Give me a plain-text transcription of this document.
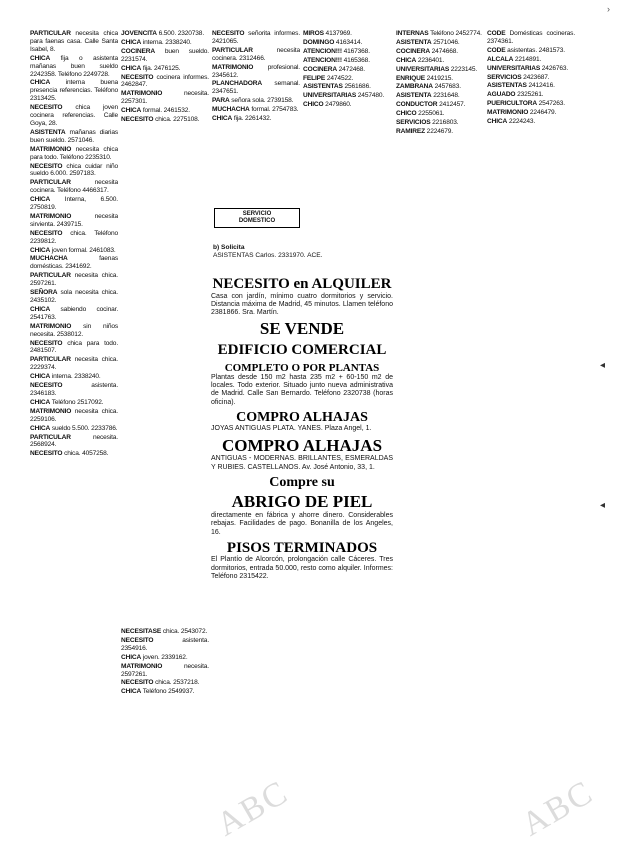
›
◂
◂

PARTICULAR necesita chica para faenas casa. Calle Santa Isabel, 8.

CHICA fija o asistenta mañanas buen sueldo 2242358. Teléfono 2249728.

CHICA interna buena presencia referencias. Teléfono 2313425.

NECESITO chica joven cocinera referencias. Calle Goya, 28.

ASISTENTA mañanas diarias buen sueldo. 2571046.

MATRIMONIO necesita chica para todo. Teléfono 2235310.

NECESITO chica cuidar niño sueldo 6.000. 2597183.

PARTICULAR necesita cocinera. Teléfono 4466317.

CHICA Interna, 6.500. 2750819.

MATRIMONIO necesita sirvienta. 2439715.

NECESITO chica. Teléfono 2239812.

CHICA joven formal. 2461083.

MUCHACHA faenas domésticas. 2341692.

PARTICULAR necesita chica. 2597261.

SEÑORA sola necesita chica. 2435102.

CHICA sabiendo cocinar. 2541763.

MATRIMONIO sin niños necesita. 2538012.

NECESITO chica para todo. 2481507.

PARTICULAR necesita chica. 2229374.

CHICA interna. 2338240.

NECESITO asistenta. 2346183.

CHICA Teléfono 2517092.

MATRIMONIO necesita chica. 2259106.

CHICA sueldo 5.500. 2233786.

PARTICULAR necesita. 2568924.

NECESITO chica. 4057258.

JOVENCITA 6.500. 2320738.

CHICA interna. 2338240.

COCINERA buen sueldo. 2231574.

CHICA fija. 2476125.

NECESITO cocinera informes. 2462847.

MATRIMONIO necesita. 2257301.

CHICA formal. 2461532.

NECESITO chica. 2275108.

NECESITASE chica. 2543072.

NECESITO asistenta. 2354916.

CHICA joven. 2339162.

MATRIMONIO necesita. 2597261.

NECESITO chica. 2537218.

CHICA Teléfono 2549937.

NECESITO señorita informes. 2421065.

PARTICULAR necesita cocinera. 2312466.

MATRIMONIO profesional. 2345612.

PLANCHADORA semanal. 2347651.

PARA señora sola. 2739158.

MUCHACHA formal. 2754783.

CHICA fija. 2261432.

MIROS 4137969.

DOMINGO 4163414.

ATENCION!!! 4167368.

ATENCION!!! 4165368.

COCINERA 2472468.

FELIPE 2474522.

ASISTENTAS 2561686.

UNIVERSITARIAS 2457480.

CHICO 2479860.

INTERNAS Teléfono 2452774.

ASISTENTA 2571046.

COCINERA 2474668.

CHICA 2236401.

UNIVERSITARIAS 2223145.

ENRIQUE 2419215.

ZAMBRANA 2457683.

ASISTENTA 2231648.

CONDUCTOR 2412457.

CHICO 2255061.

SERVICIOS 2216803.

RAMIREZ 2224679.

CODE Domésticas cocineras. 2374361.

CODE asistentas. 2481573.

ALCALA 2214891.

UNIVERSITARIAS 2426763.

SERVICIOS 2423687.

ASISTENTAS 2412416.

AGUADO 2325261.

PUERICULTORA 2547263.

MATRIMONIO 2246479.

CHICA 2224243.

SERVICIO
DOMESTICO
b) Solicita
ASISTENTAS Carlos. 2331970. ACE.
NECESITO en ALQUILER
Casa con jardín, mínimo cuatro dormitorios y servicio. Distancia máxima de Madrid, 45 minutos. Llamen teléfono 2381866. Sra. Martín.
SE VENDE
EDIFICIO COMERCIAL
COMPLETO O POR PLANTAS
Plantas desde 150 m2 hasta 235 m2 + 60-150 m2 de locales. Todo exterior. Situado junto nueva administrativa de Madrid. Calle San Bernardo. Teléfono 2320738 (horas oficina).
COMPRO ALHAJAS
JOYAS ANTIGUAS PLATA. YANES. Plaza Angel, 1.
COMPRO ALHAJAS
ANTIGUAS - MODERNAS. BRILLANTES, ESMERALDAS Y RUBIES. CASTELLANOS. Av. José Antonio, 33, 1.
Compre su
ABRIGO DE PIEL
directamente en fábrica y ahorre dinero. Considerables rebajas. Facilidades de pago. Bonanilla de los Angeles, 16.
PISOS TERMINADOS
El Plantío de Alcorcón, prolongación calle Cáceres. Tres dormitorios, entrada 50.000, resto como alquiler. Informes: Teléfono 2315422.
ABC	ABC
